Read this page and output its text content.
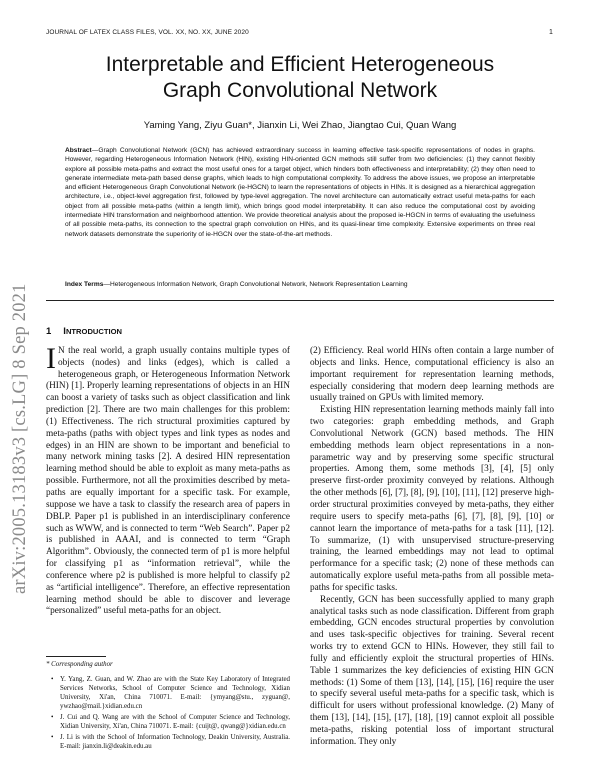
JOURNAL OF LATEX CLASS FILES, VOL. XX, NO. XX, JUNE 2020	1
arXiv:2005.13183v3 [cs.LG] 8 Sep 2021
Interpretable and Efficient Heterogeneous
Graph Convolutional Network
Yaming Yang, Ziyu Guan*, Jianxin Li, Wei Zhao, Jiangtao Cui, Quan Wang
Abstract—Graph Convolutional Network (GCN) has achieved extraordinary success in learning effective task-specific representations of nodes in graphs. However, regarding Heterogeneous Information Network (HIN), existing HIN-oriented GCN methods still suffer from two deficiencies: (1) they cannot flexibly explore all possible meta-paths and extract the most useful ones for a target object, which hinders both effectiveness and interpretability; (2) they often need to generate intermediate meta-path based dense graphs, which leads to high computational complexity. To address the above issues, we propose an interpretable and efficient Heterogeneous Graph Convolutional Network (ie-HGCN) to learn the representations of objects in HINs. It is designed as a hierarchical aggregation architecture, i.e., object-level aggregation first, followed by type-level aggregation. The novel architecture can automatically extract useful meta-paths for each object from all possible meta-paths (within a length limit), which brings good model interpretability. It can also reduce the computational cost by avoiding intermediate HIN transformation and neighborhood attention. We provide theoretical analysis about the proposed ie-HGCN in terms of evaluating the usefulness of all possible meta-paths, its connection to the spectral graph convolution on HINs, and its quasi-linear time complexity. Extensive experiments on three real network datasets demonstrate the superiority of ie-HGCN over the state-of-the-art methods.
Index Terms—Heterogeneous Information Network, Graph Convolutional Network, Network Representation Learning
1 INTRODUCTION

I N the real world, a graph usually contains multiple types of objects (nodes) and links (edges), which is called a heterogeneous graph, or Heterogeneous Information Network (HIN) [1]. Properly learning representations of objects in an HIN can boost a variety of tasks such as object classification and link prediction [2]. There are two main challenges for this problem: (1) Effectiveness. The rich structural proximities captured by meta-paths (paths with object types and link types as nodes and edges) in an HIN are shown to be important and beneficial to many network mining tasks [2]. A desired HIN representation learning method should be able to exploit as many meta-paths as possible. Furthermore, not all the proximities described by meta-paths are equally important for a specific task. For example, suppose we have a task to classify the research area of papers in DBLP. Paper p1 is published in an interdisciplinary conference such as WWW, and is connected to term “Web Search”. Paper p2 is published in AAAI, and is connected to term “Graph Algorithm”. Obviously, the connected term of p1 is more helpful for classifying p1 as “information retrieval”, while the conference where p2 is published is more helpful to classify p2 as “artificial intelligence”. Therefore, an effective representation learning method should be able to discover and leverage “personalized” useful meta-paths for an object.

(2) Efficiency. Real world HINs often contain a large number of objects and links. Hence, computational efficiency is also an important requirement for representation learning methods, especially considering that modern deep learning methods are usually trained on GPUs with limited memory.

Existing HIN representation learning methods mainly fall into two categories: graph embedding methods, and Graph Convolutional Network (GCN) based methods. The HIN embedding methods learn object representations in a non-parametric way and by preserving some specific structural properties. Among them, some methods [3], [4], [5] only preserve first-order proximity conveyed by relations. Although the other methods [6], [7], [8], [9], [10], [11], [12] preserve high-order structural proximities conveyed by meta-paths, they either require users to specify meta-paths [6], [7], [8], [9], [10] or cannot learn the importance of meta-paths for a task [11], [12]. To summarize, (1) with unsupervised structure-preserving training, the learned embeddings may not lead to optimal performance for a specific task; (2) none of these methods can automatically explore useful meta-paths from all possible meta-paths for specific tasks.

Recently, GCN has been successfully applied to many graph analytical tasks such as node classification. Different from graph embedding, GCN encodes structural properties by convolution and uses task-specific objectives for training. Several recent works try to extend GCN to HINs. However, they still fail to fully and efficiently exploit the structural properties of HINs. Table 1 summarizes the key deficiencies of existing HIN GCN methods: (1) Some of them [13], [14], [15], [16] require the user to specify several useful meta-paths for a specific task, which is difficult for users without professional knowledge. (2) Many of them [13], [14], [15], [17], [18], [19] cannot exploit all possible meta-paths, risking potential loss of important structural information. They only

* Corresponding author

• Y. Yang, Z. Guan, and W. Zhao are with the State Key Laboratory of Integrated Services Networks, School of Computer Science and Technology, Xidian University, Xi'an, China 710071. E-mail: {ymyang@stu., zyguan@, ywzhao@mail.}xidian.edu.cn

• J. Cui and Q. Wang are with the School of Computer Science and Technology, Xidian University, Xi'an, China 710071. E-mail: {cuijt@, qwang@}xidian.edu.cn

• J. Li is with the School of Information Technology, Deakin University, Australia. E-mail: jianxin.li@deakin.edu.au
